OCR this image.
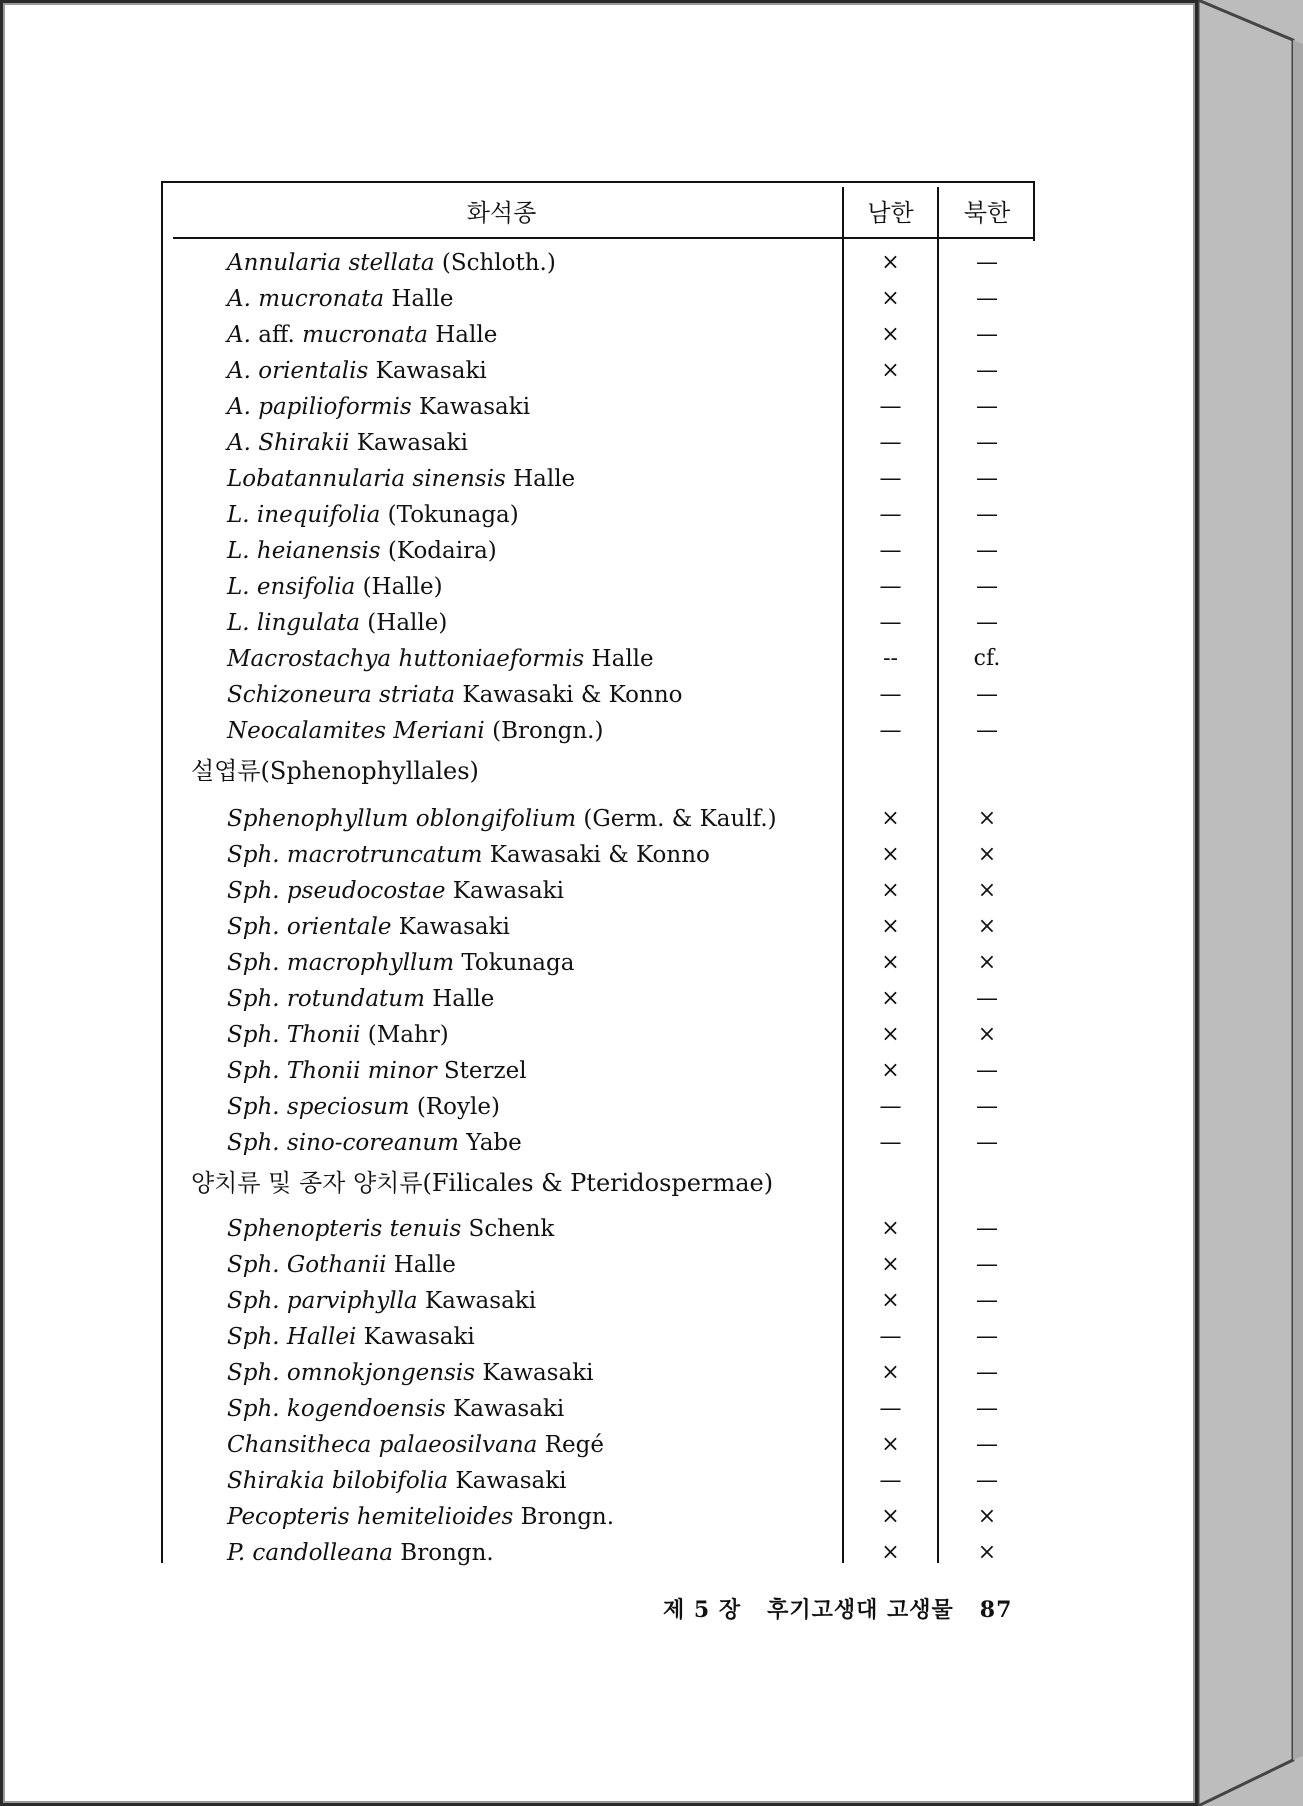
화석종	남한	북한
Annularia stellata (Schloth.)	×	—
A. mucronata Halle	×	—
A. aff. mucronata Halle	×	—
A. orientalis Kawasaki	×	—
A. papilioformis Kawasaki	—	—
A. Shirakii Kawasaki	—	—
Lobatannularia sinensis Halle	—	—
L. inequifolia (Tokunaga)	—	—
L. heianensis (Kodaira)	—	—
L. ensifolia (Halle)	—	—
L. lingulata (Halle)	—	—
Macrostachya huttoniaeformis Halle	--	cf.
Schizoneura striata Kawasaki & Konno	—	—
Neocalamites Meriani (Brongn.)	—	—
설엽류(Sphenophyllales)
Sphenophyllum oblongifolium (Germ. & Kaulf.)	×	×
Sph. macrotruncatum Kawasaki & Konno	×	×
Sph. pseudocostae Kawasaki	×	×
Sph. orientale Kawasaki	×	×
Sph. macrophyllum Tokunaga	×	×
Sph. rotundatum Halle	×	—
Sph. Thonii (Mahr)	×	×
Sph. Thonii minor Sterzel	×	—
Sph. speciosum (Royle)	—	—
Sph. sino-coreanum Yabe	—	—
양치류 및 종자 양치류(Filicales & Pteridospermae)
Sphenopteris tenuis Schenk	×	—
Sph. Gothanii Halle	×	—
Sph. parviphylla Kawasaki	×	—
Sph. Hallei Kawasaki	—	—
Sph. omnokjongensis Kawasaki	×	—
Sph. kogendoensis Kawasaki	—	—
Chansitheca palaeosilvana Regé	×	—
Shirakia bilobifolia Kawasaki	—	—
Pecopteris hemitelioides Brongn.	×	×
P. candolleana Brongn.	×	×
제 5 장 후기고생대 고생물 87
